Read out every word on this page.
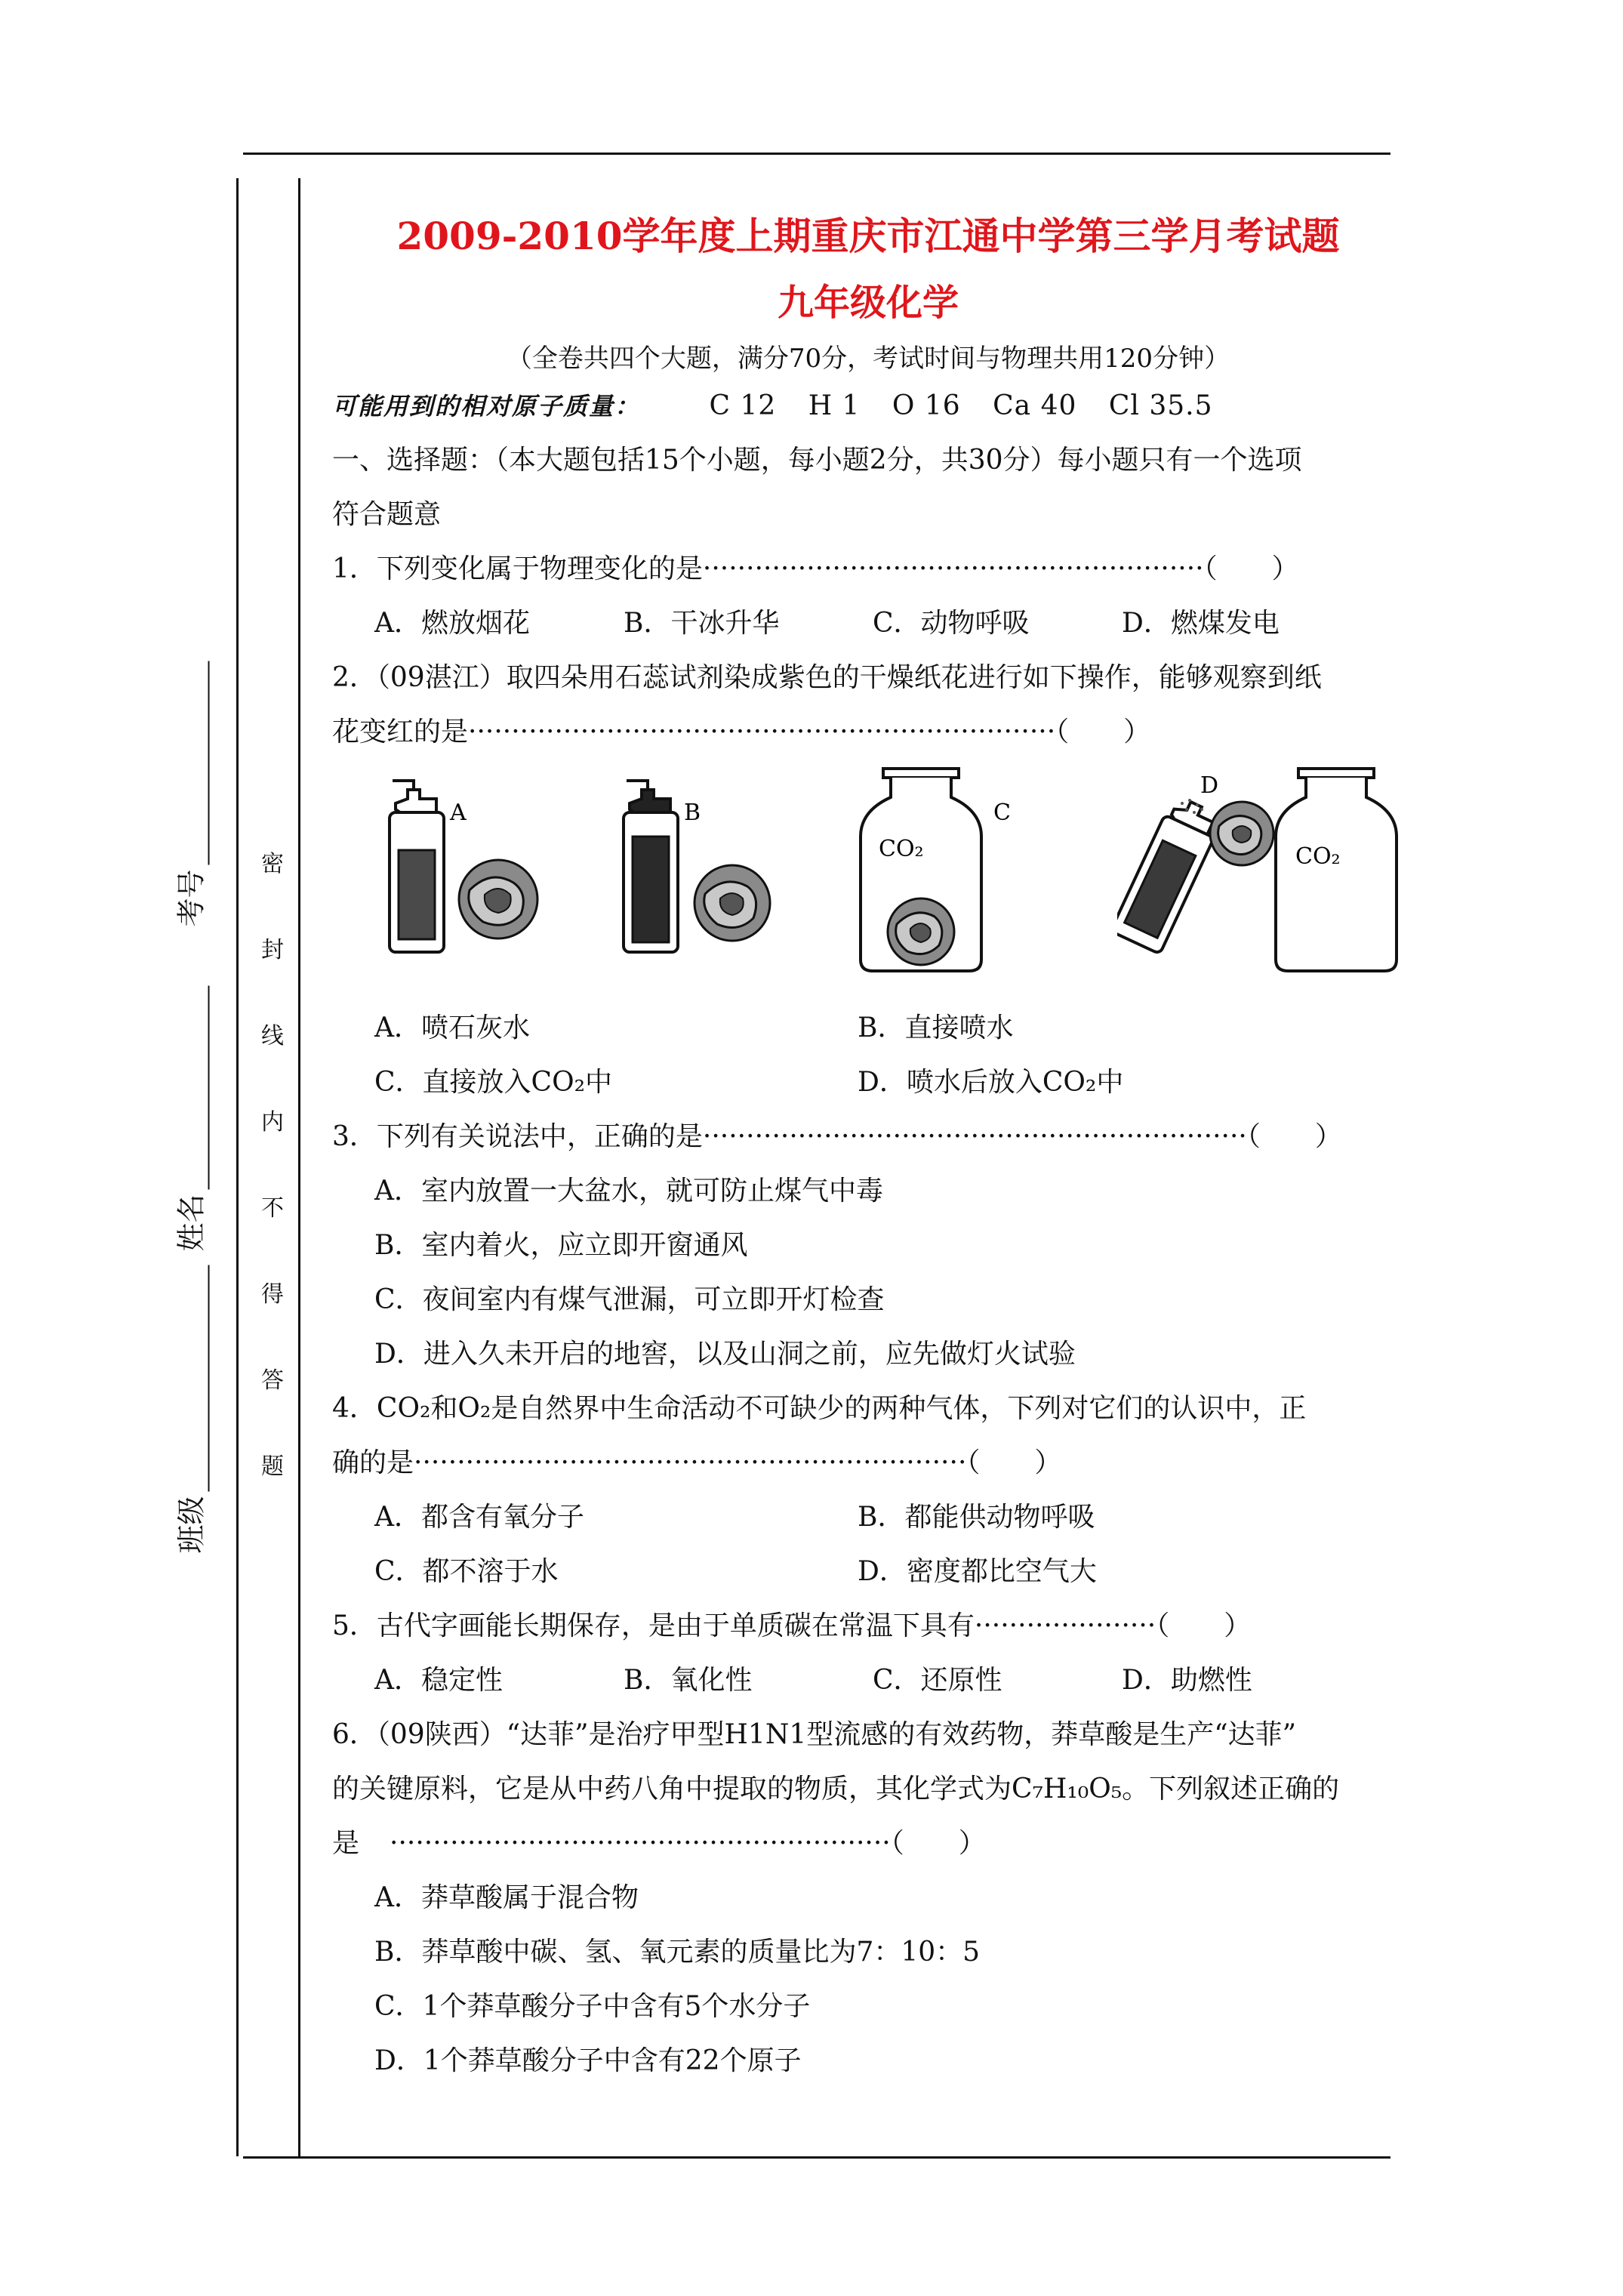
密
封
线
内
不
得
答
题
考号
姓名
班级
2009-2010学年度上期重庆市江通中学第三学月考试题
九年级化学
（全卷共四个大题，满分70分，考试时间与物理共用120分钟）
可能用到的相对原子质量：	C 12 H 1 O 16 Ca 40 Cl 35.5
一、选择题：（本大题包括15个小题，每小题2分，共30分）每小题只有一个选项
符合题意
1．下列变化属于物理变化的是··························································（　　）
A．燃放烟花	B．干冰升华	C．动物呼吸	D．燃煤发电
2．（09湛江）取四朵用石蕊试剂染成紫色的干燥纸花进行如下操作，能够观察到纸
花变红的是····································································（　　）
A	B
CO₂
C
D
CO₂
A．喷石灰水	B．直接喷水
C．直接放入CO₂中	D．喷水后放入CO₂中
3．下列有关说法中，正确的是·······························································（　　）
A．室内放置一大盆水，就可防止煤气中毒
B．室内着火，应立即开窗通风
C．夜间室内有煤气泄漏，可立即开灯检查
D．进入久未开启的地窖，以及山洞之前，应先做灯火试验
4．CO₂和O₂是自然界中生命活动不可缺少的两种气体，下列对它们的认识中，正
确的是································································（　　）
A．都含有氧分子	B．都能供动物呼吸
C．都不溶于水	D．密度都比空气大
5．古代字画能长期保存，是由于单质碳在常温下具有·····················（　　）
A．稳定性	B．氧化性	C．还原性	D．助燃性
6．（09陕西）“达菲”是治疗甲型H1N1型流感的有效药物，莽草酸是生产“达菲”
的关键原料，它是从中药八角中提取的物质，其化学式为C₇H₁₀O₅。下列叙述正确的
是 ··························································（　　）
A．莽草酸属于混合物
B．莽草酸中碳、氢、氧元素的质量比为7：10：5
C．1个莽草酸分子中含有5个水分子
D．1个莽草酸分子中含有22个原子
